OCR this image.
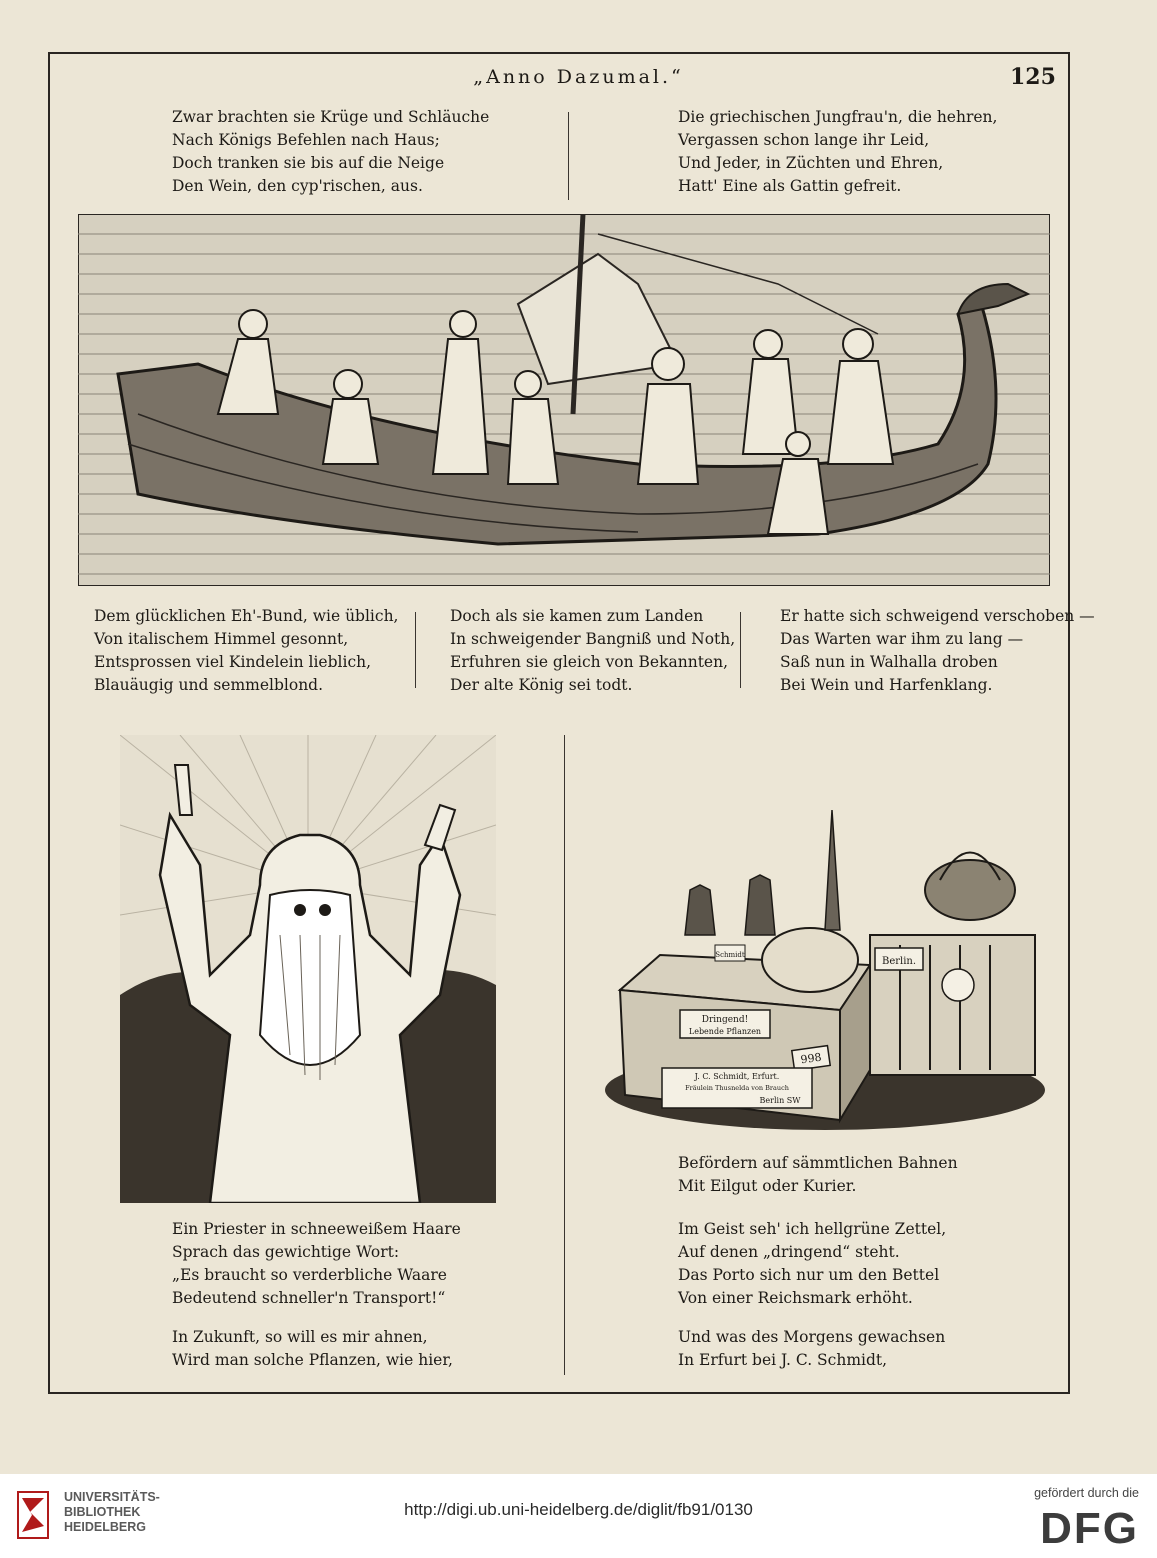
„Anno Dazumal.“	125
Zwar brachten sie Krüge und Schläuche
Nach Königs Befehlen nach Haus;
Doch tranken sie bis auf die Neige
Den Wein, den cyp'rischen, aus.
Die griechischen Jungfrau'n, die hehren,
Vergassen schon lange ihr Leid,
Und Jeder, in Züchten und Ehren,
Hatt' Eine als Gattin gefreit.
Dem glücklichen Eh'-Bund, wie üblich,
Von italischem Himmel gesonnt,
Entsprossen viel Kindelein lieblich,
Blauäugig und semmelblond.
Doch als sie kamen zum Landen
In schweigender Bangniß und Noth,
Erfuhren sie gleich von Bekannten,
Der alte König sei todt.
Er hatte sich schweigend verschoben —
Das Warten war ihm zu lang —
Saß nun in Walhalla droben
Bei Wein und Harfenklang.
Dringend!
Lebende Pflanzen
998
J. C. Schmidt, Erfurt.
Fräulein Thusnelda von Brauch
Berlin SW
Schmidt
Berlin.
Ein Priester in schneeweißem Haare
Sprach das gewichtige Wort:
„Es braucht so verderbliche Waare
Bedeutend schneller'n Transport!“
In Zukunft, so will es mir ahnen,
Wird man solche Pflanzen, wie hier,
Befördern auf sämmtlichen Bahnen
Mit Eilgut oder Kurier.
Im Geist seh' ich hellgrüne Zettel,
Auf denen „dringend“ steht.
Das Porto sich nur um den Bettel
Von einer Reichsmark erhöht.
Und was des Morgens gewachsen
In Erfurt bei J. C. Schmidt,
UNIVERSITÄTS-
BIBLIOTHEK
HEIDELBERG
http://digi.ub.uni-heidelberg.de/diglit/fb91/0130
gefördert durch die
DFG
